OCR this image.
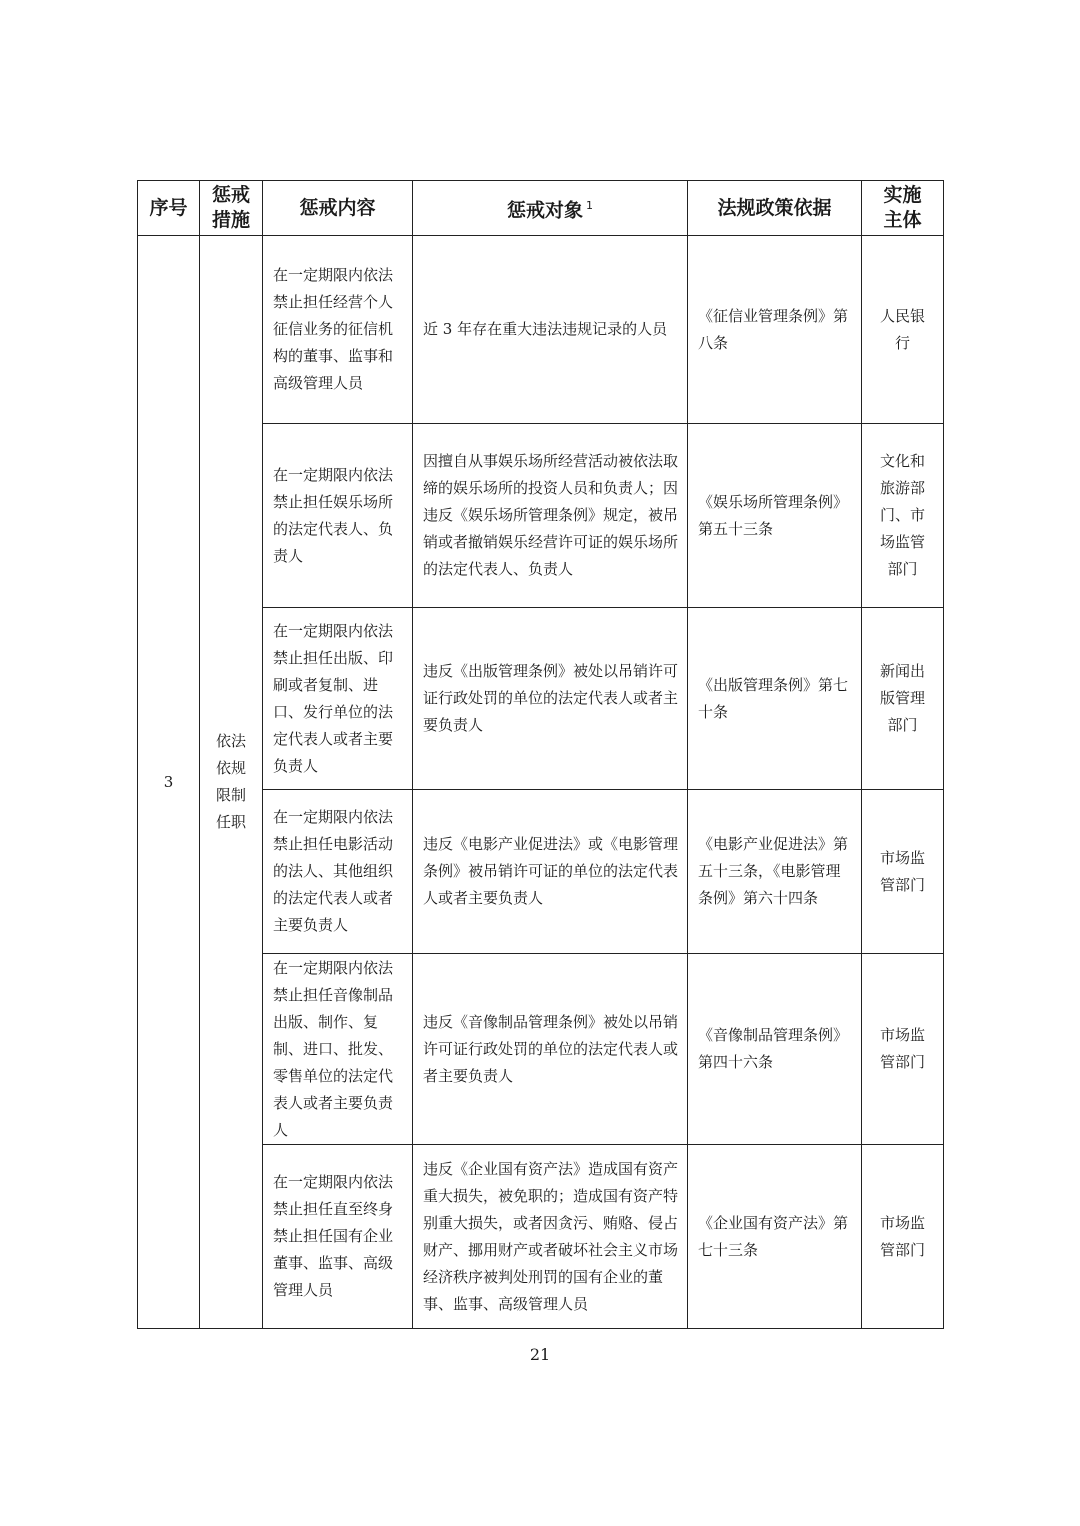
序号	惩戒措施	惩戒内容	惩戒对象 $^1$	法规政策依据	实施主体

3	依法依规限制任职	在一定期限内依法禁止担任经营个人征信业务的征信机构的董事、监事和高级管理人员	近 3 年存在重大违法违规记录的人员	《征信业管理条例》第八条	人民银行

		在一定期限内依法禁止担任娱乐场所的法定代表人、负责人	因擅自从事娱乐场所经营活动被依法取缔的娱乐场所的投资人员和负责人；因违反《娱乐场所管理条例》规定，被吊销或者撤销娱乐经营许可证的娱乐场所的法定代表人、负责人	《娱乐场所管理条例》第五十三条	文化和旅游部门、市场监管部门

		在一定期限内依法禁止担任出版、印刷或者复制、进口、发行单位的法定代表人或者主要负责人	违反《出版管理条例》被处以吊销许可证行政处罚的单位的法定代表人或者主要负责人	《出版管理条例》第七十条	新闻出版管理部门

		在一定期限内依法禁止担任电影活动的法人、其他组织的法定代表人或者主要负责人	违反《电影产业促进法》或《电影管理条例》被吊销许可证的单位的法定代表人或者主要负责人	《电影产业促进法》第五十三条，《电影管理条例》第六十四条	市场监管部门

		在一定期限内依法禁止担任音像制品出版、制作、复制、进口、批发、零售单位的法定代表人或者主要负责人	违反《音像制品管理条例》被处以吊销许可证行政处罚的单位的法定代表人或者主要负责人	《音像制品管理条例》第四十六条	市场监管部门

		在一定期限内依法禁止担任直至终身禁止担任国有企业董事、监事、高级管理人员	违反《企业国有资产法》造成国有资产重大损失，被免职的；造成国有资产特别重大损失，或者因贪污、贿赂、侵占财产、挪用财产或者破坏社会主义市场经济秩序被判处刑罚的国有企业的董事、监事、高级管理人员	《企业国有资产法》第七十三条	市场监管部门
21
